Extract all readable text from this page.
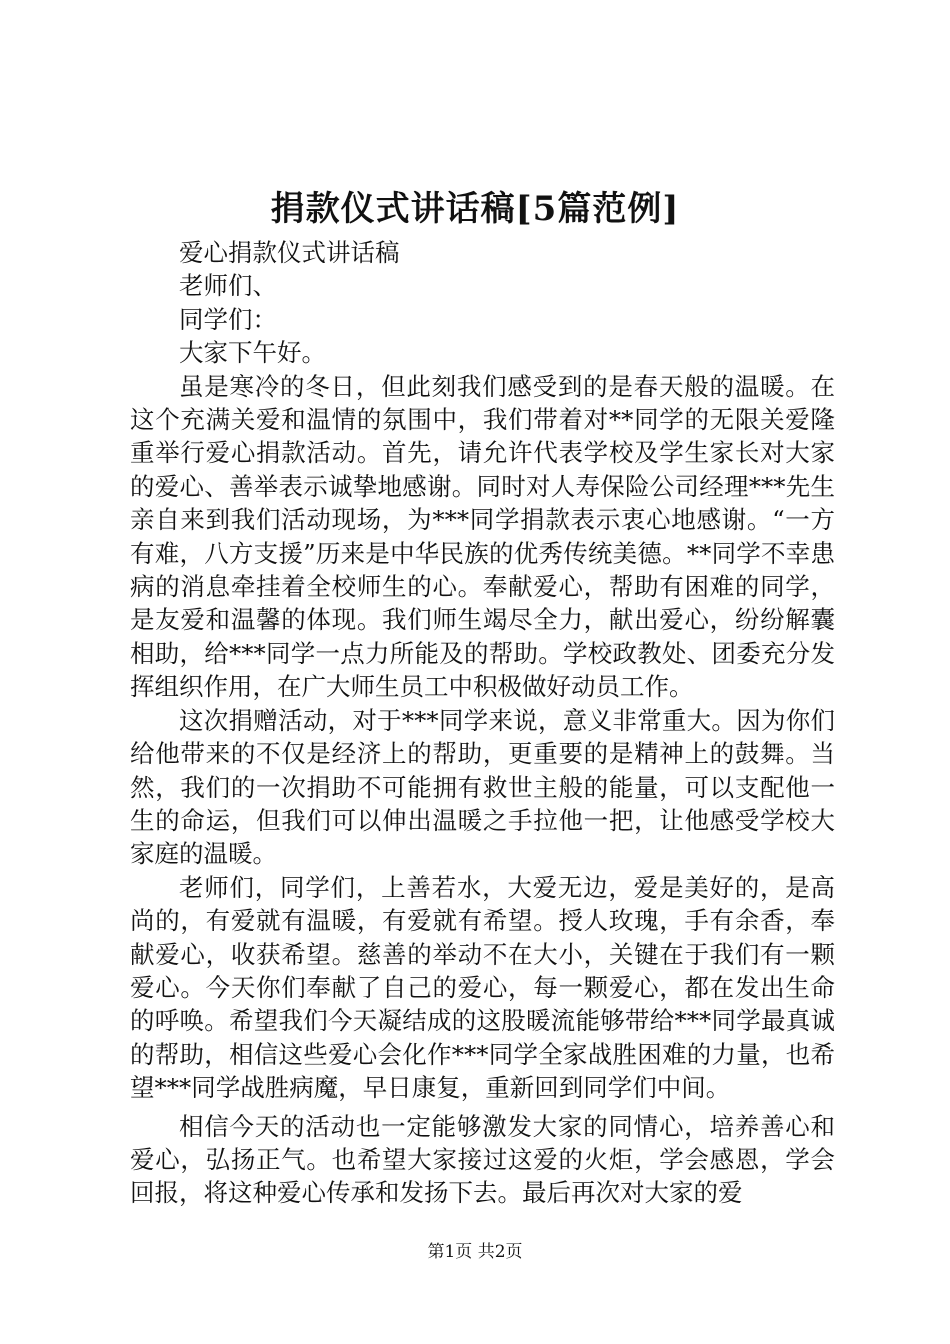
捐款仪式讲话稿[5篇范例]

爱心捐款仪式讲话稿

老师们、

同学们：

大家下午好。

虽是寒冷的冬日，但此刻我们感受到的是春天般的温暖。在这个充满关爱和温情的氛围中，我们带着对**同学的无限关爱隆重举行爱心捐款活动。首先，请允许代表学校及学生家长对大家的爱心、善举表示诚挚地感谢。同时对人寿保险公司经理***先生亲自来到我们活动现场，为***同学捐款表示衷心地感谢。“一方有难，八方支援”历来是中华民族的优秀传统美德。**同学不幸患病的消息牵挂着全校师生的心。奉献爱心，帮助有困难的同学，是友爱和温馨的体现。我们师生竭尽全力，献出爱心，纷纷解囊相助，给***同学一点力所能及的帮助。学校政教处、团委充分发挥组织作用，在广大师生员工中积极做好动员工作。

这次捐赠活动，对于***同学来说，意义非常重大。因为你们给他带来的不仅是经济上的帮助，更重要的是精神上的鼓舞。当然，我们的一次捐助不可能拥有救世主般的能量，可以支配他一生的命运，但我们可以伸出温暖之手拉他一把，让他感受学校大家庭的温暖。

老师们，同学们，上善若水，大爱无边，爱是美好的，是高尚的，有爱就有温暖，有爱就有希望。授人玫瑰，手有余香，奉献爱心，收获希望。慈善的举动不在大小，关键在于我们有一颗爱心。今天你们奉献了自己的爱心，每一颗爱心，都在发出生命的呼唤。希望我们今天凝结成的这股暖流能够带给***同学最真诚的帮助，相信这些爱心会化作***同学全家战胜困难的力量，也希望***同学战胜病魔，早日康复，重新回到同学们中间。

相信今天的活动也一定能够激发大家的同情心，培养善心和爱心，弘扬正气。也希望大家接过这爱的火炬，学会感恩，学会回报，将这种爱心传承和发扬下去。最后再次对大家的爱

第1页 共2页
